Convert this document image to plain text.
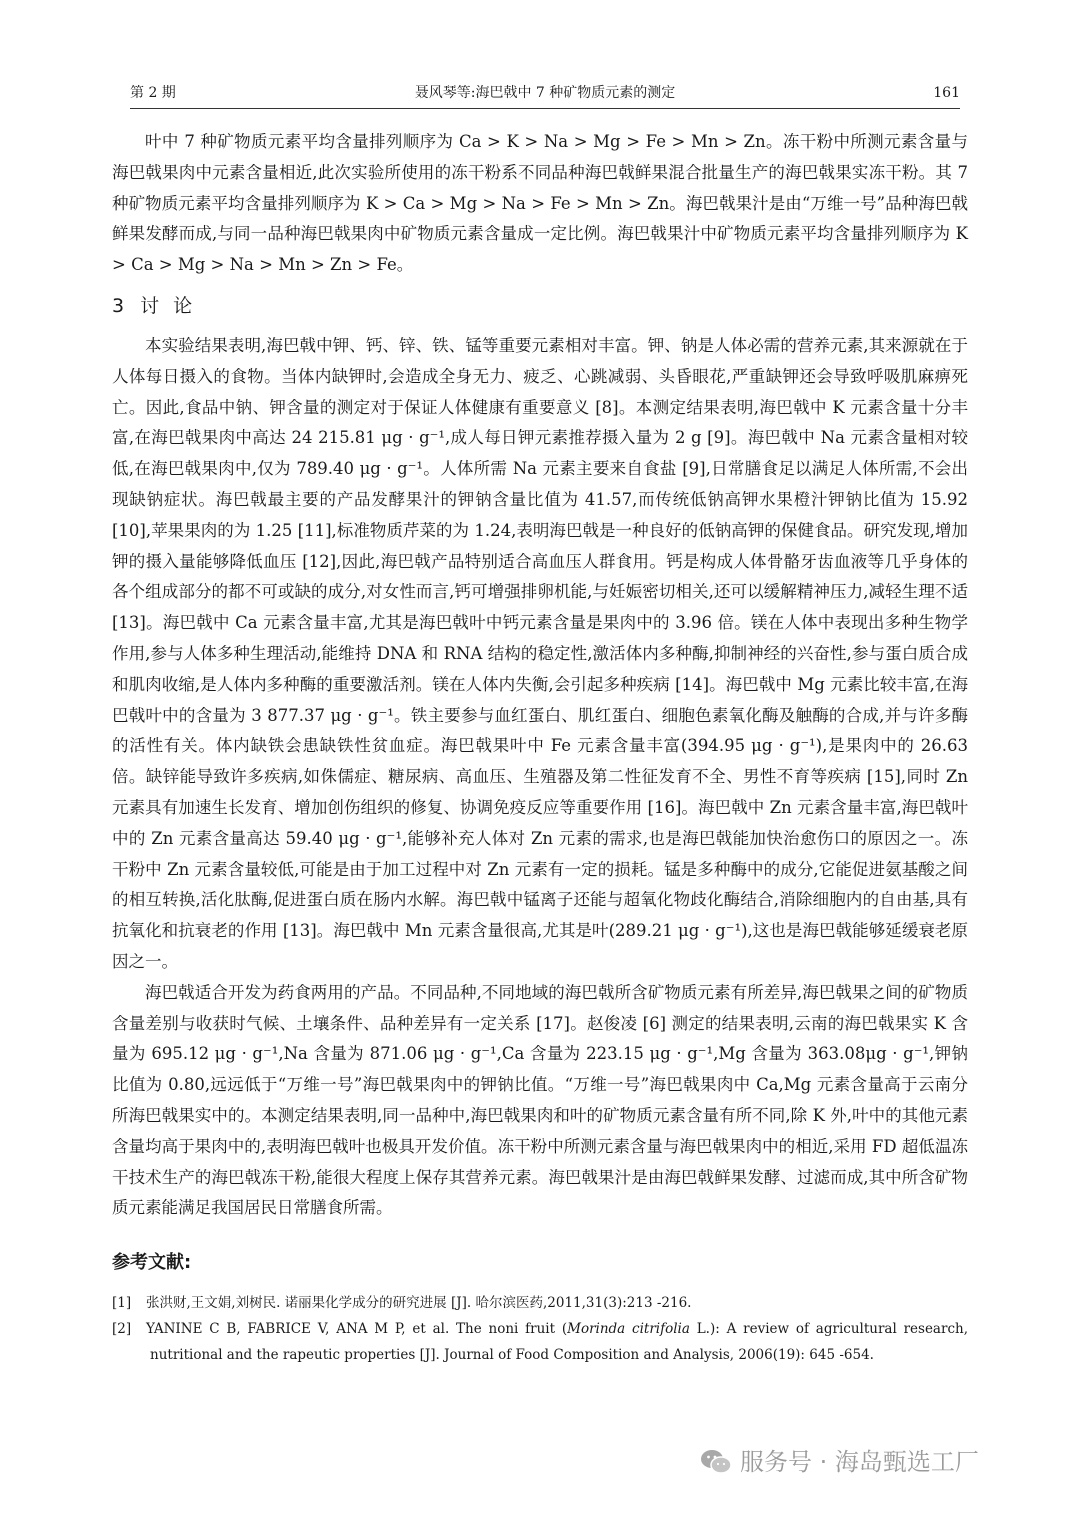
第 2 期	聂风琴等:海巴戟中 7 种矿物质元素的测定	161

叶中 7 种矿物质元素平均含量排列顺序为 Ca > K > Na > Mg > Fe > Mn > Zn。冻干粉中所测元素含量与海巴戟果肉中元素含量相近,此次实验所使用的冻干粉系不同品种海巴戟鲜果混合批量生产的海巴戟果实冻干粉。其 7 种矿物质元素平均含量排列顺序为 K > Ca > Mg > Na > Fe > Mn > Zn。海巴戟果汁是由“万维一号”品种海巴戟鲜果发酵而成,与同一品种海巴戟果肉中矿物质元素含量成一定比例。海巴戟果汁中矿物质元素平均含量排列顺序为 K > Ca > Mg > Na > Mn > Zn > Fe。

3 讨论

本实验结果表明,海巴戟中钾、钙、锌、铁、锰等重要元素相对丰富。钾、钠是人体必需的营养元素,其来源就在于人体每日摄入的食物。当体内缺钾时,会造成全身无力、疲乏、心跳减弱、头昏眼花,严重缺钾还会导致呼吸肌麻痹死亡。因此,食品中钠、钾含量的测定对于保证人体健康有重要意义 [8]。本测定结果表明,海巴戟中 K 元素含量十分丰富,在海巴戟果肉中高达 24 215.81 μg · g⁻¹,成人每日钾元素推荐摄入量为 2 g [9]。海巴戟中 Na 元素含量相对较低,在海巴戟果肉中,仅为 789.40 μg · g⁻¹。人体所需 Na 元素主要来自食盐 [9],日常膳食足以满足人体所需,不会出现缺钠症状。海巴戟最主要的产品发酵果汁的钾钠含量比值为 41.57,而传统低钠高钾水果橙汁钾钠比值为 15.92 [10],苹果果肉的为 1.25 [11],标准物质芹菜的为 1.24,表明海巴戟是一种良好的低钠高钾的保健食品。研究发现,增加钾的摄入量能够降低血压 [12],因此,海巴戟产品特别适合高血压人群食用。钙是构成人体骨骼牙齿血液等几乎身体的各个组成部分的都不可或缺的成分,对女性而言,钙可增强排卵机能,与妊娠密切相关,还可以缓解精神压力,减轻生理不适 [13]。海巴戟中 Ca 元素含量丰富,尤其是海巴戟叶中钙元素含量是果肉中的 3.96 倍。镁在人体中表现出多种生物学作用,参与人体多种生理活动,能维持 DNA 和 RNA 结构的稳定性,激活体内多种酶,抑制神经的兴奋性,参与蛋白质合成和肌肉收缩,是人体内多种酶的重要激活剂。镁在人体内失衡,会引起多种疾病 [14]。海巴戟中 Mg 元素比较丰富,在海巴戟叶中的含量为 3 877.37 μg · g⁻¹。铁主要参与血红蛋白、肌红蛋白、细胞色素氧化酶及触酶的合成,并与许多酶的活性有关。体内缺铁会患缺铁性贫血症。海巴戟果叶中 Fe 元素含量丰富(394.95 μg · g⁻¹),是果肉中的 26.63 倍。缺锌能导致许多疾病,如侏儒症、糖尿病、高血压、生殖器及第二性征发育不全、男性不育等疾病 [15],同时 Zn 元素具有加速生长发育、增加创伤组织的修复、协调免疫反应等重要作用 [16]。海巴戟中 Zn 元素含量丰富,海巴戟叶中的 Zn 元素含量高达 59.40 μg · g⁻¹,能够补充人体对 Zn 元素的需求,也是海巴戟能加快治愈伤口的原因之一。冻干粉中 Zn 元素含量较低,可能是由于加工过程中对 Zn 元素有一定的损耗。锰是多种酶中的成分,它能促进氨基酸之间的相互转换,活化肽酶,促进蛋白质在肠内水解。海巴戟中锰离子还能与超氧化物歧化酶结合,消除细胞内的自由基,具有抗氧化和抗衰老的作用 [13]。海巴戟中 Mn 元素含量很高,尤其是叶(289.21 μg · g⁻¹),这也是海巴戟能够延缓衰老原因之一。

海巴戟适合开发为药食两用的产品。不同品种,不同地域的海巴戟所含矿物质元素有所差异,海巴戟果之间的矿物质含量差别与收获时气候、土壤条件、品种差异有一定关系 [17]。赵俊凌 [6] 测定的结果表明,云南的海巴戟果实 K 含量为 695.12 μg · g⁻¹,Na 含量为 871.06 μg · g⁻¹,Ca 含量为 223.15 μg · g⁻¹,Mg 含量为 363.08μg · g⁻¹,钾钠比值为 0.80,远远低于“万维一号”海巴戟果肉中的钾钠比值。“万维一号”海巴戟果肉中 Ca,Mg 元素含量高于云南分所海巴戟果实中的。本测定结果表明,同一品种中,海巴戟果肉和叶的矿物质元素含量有所不同,除 K 外,叶中的其他元素含量均高于果肉中的,表明海巴戟叶也极具开发价值。冻干粉中所测元素含量与海巴戟果肉中的相近,采用 FD 超低温冻干技术生产的海巴戟冻干粉,能很大程度上保存其营养元素。海巴戟果汁是由海巴戟鲜果发酵、过滤而成,其中所含矿物质元素能满足我国居民日常膳食所需。

参考文献:

[1] 张洪财,王文娟,刘树民. 诺丽果化学成分的研究进展 [J]. 哈尔滨医药,2011,31(3):213 -216.

[2] YANINE C B, FABRICE V, ANA M P, et al. The noni fruit (Morinda citrifolia L.): A review of agricultural research, nutritional and the rapeutic properties [J]. Journal of Food Composition and Analysis, 2006(19): 645 -654.

服务号 · 海岛甄选工厂
